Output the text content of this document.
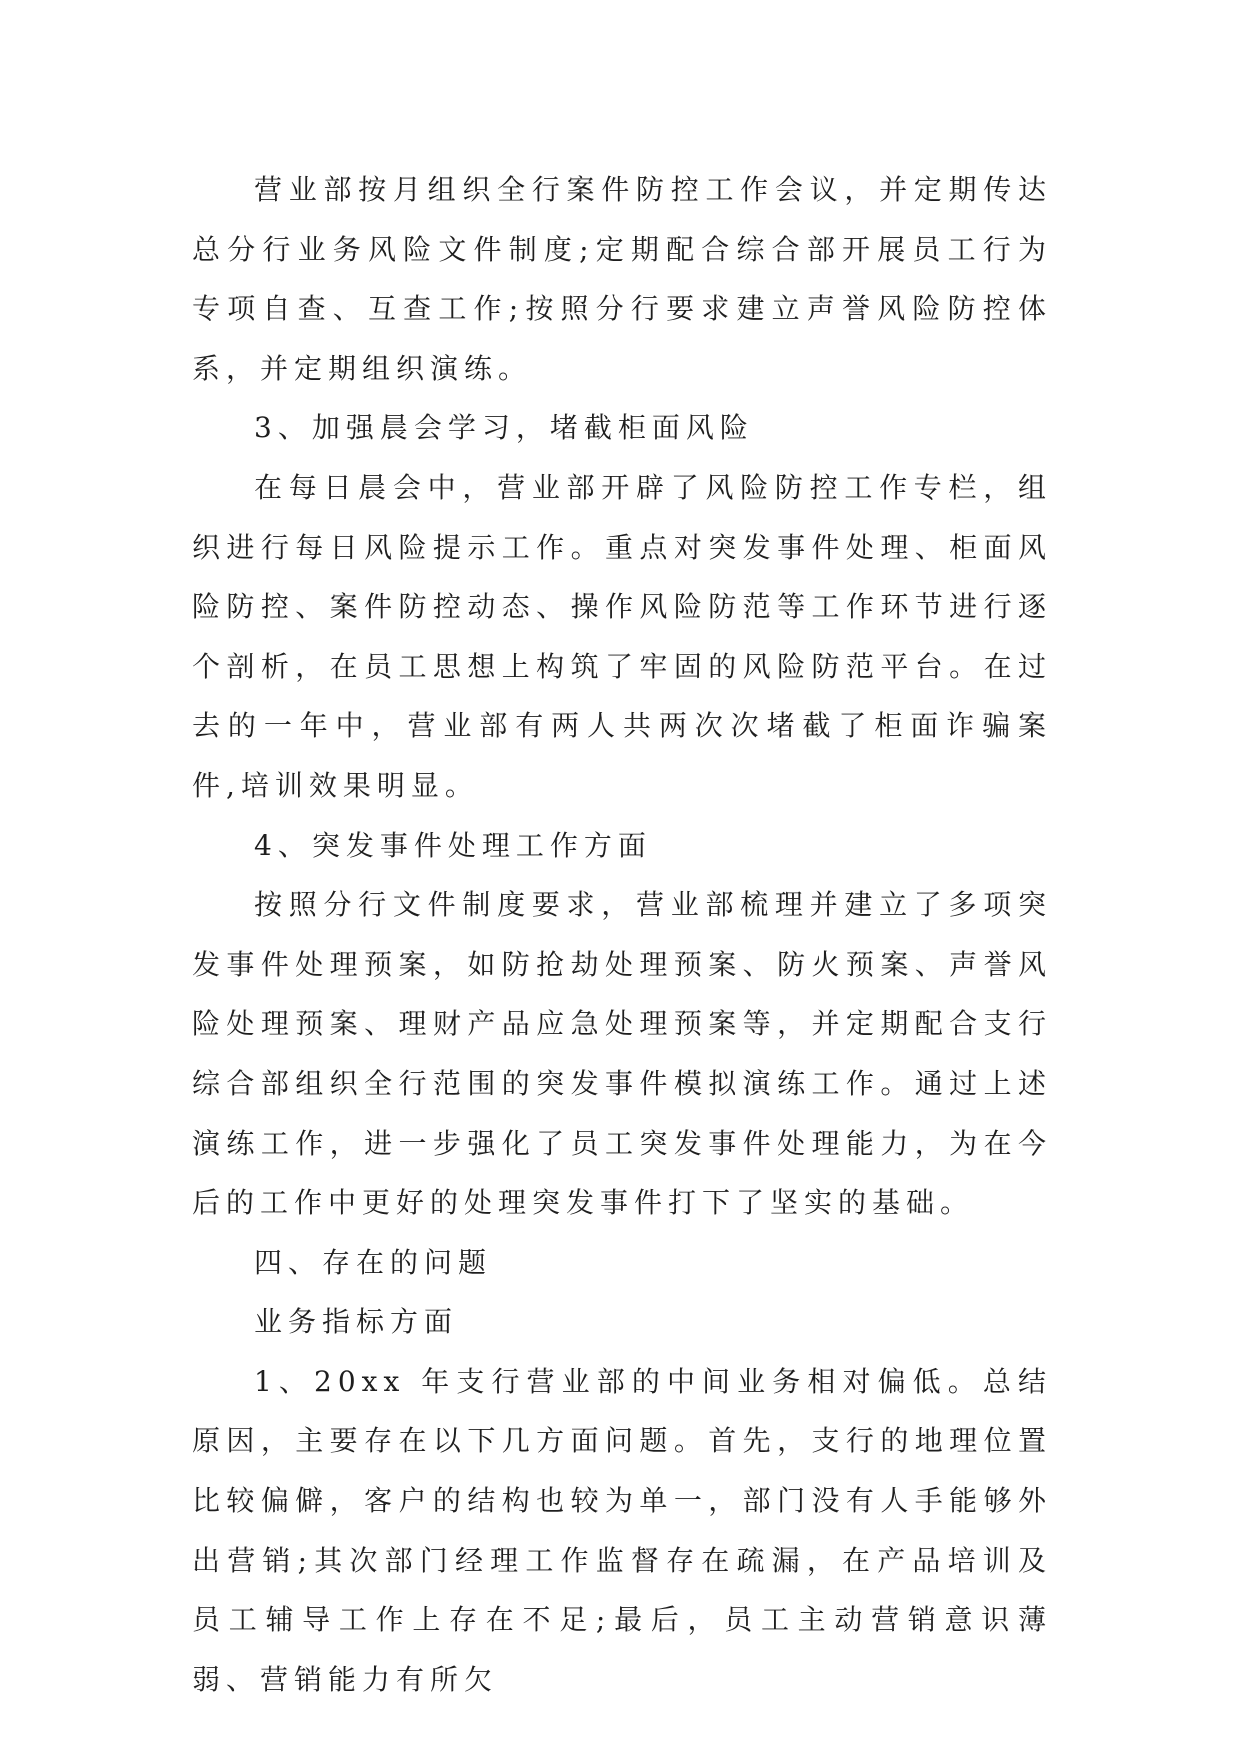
营业部按月组织全行案件防控工作会议，并定期传达总分行业务风险文件制度;定期配合综合部开展员工行为专项自查、互查工作;按照分行要求建立声誉风险防控体系，并定期组织演练。

3、加强晨会学习，堵截柜面风险

在每日晨会中，营业部开辟了风险防控工作专栏，组织进行每日风险提示工作。重点对突发事件处理、柜面风险防控、案件防控动态、操作风险防范等工作环节进行逐个剖析，在员工思想上构筑了牢固的风险防范平台。在过去的一年中，营业部有两人共两次次堵截了柜面诈骗案件,培训效果明显。

4、突发事件处理工作方面

按照分行文件制度要求，营业部梳理并建立了多项突发事件处理预案，如防抢劫处理预案、防火预案、声誉风险处理预案、理财产品应急处理预案等，并定期配合支行综合部组织全行范围的突发事件模拟演练工作。通过上述演练工作，进一步强化了员工突发事件处理能力，为在今后的工作中更好的处理突发事件打下了坚实的基础。

四、存在的问题

业务指标方面

1、20xx 年支行营业部的中间业务相对偏低。总结原因，主要存在以下几方面问题。首先，支行的地理位置比较偏僻，客户的结构也较为单一，部门没有人手能够外出营销;其次部门经理工作监督存在疏漏，在产品培训及员工辅导工作上存在不足;最后，员工主动营销意识薄弱、营销能力有所欠
